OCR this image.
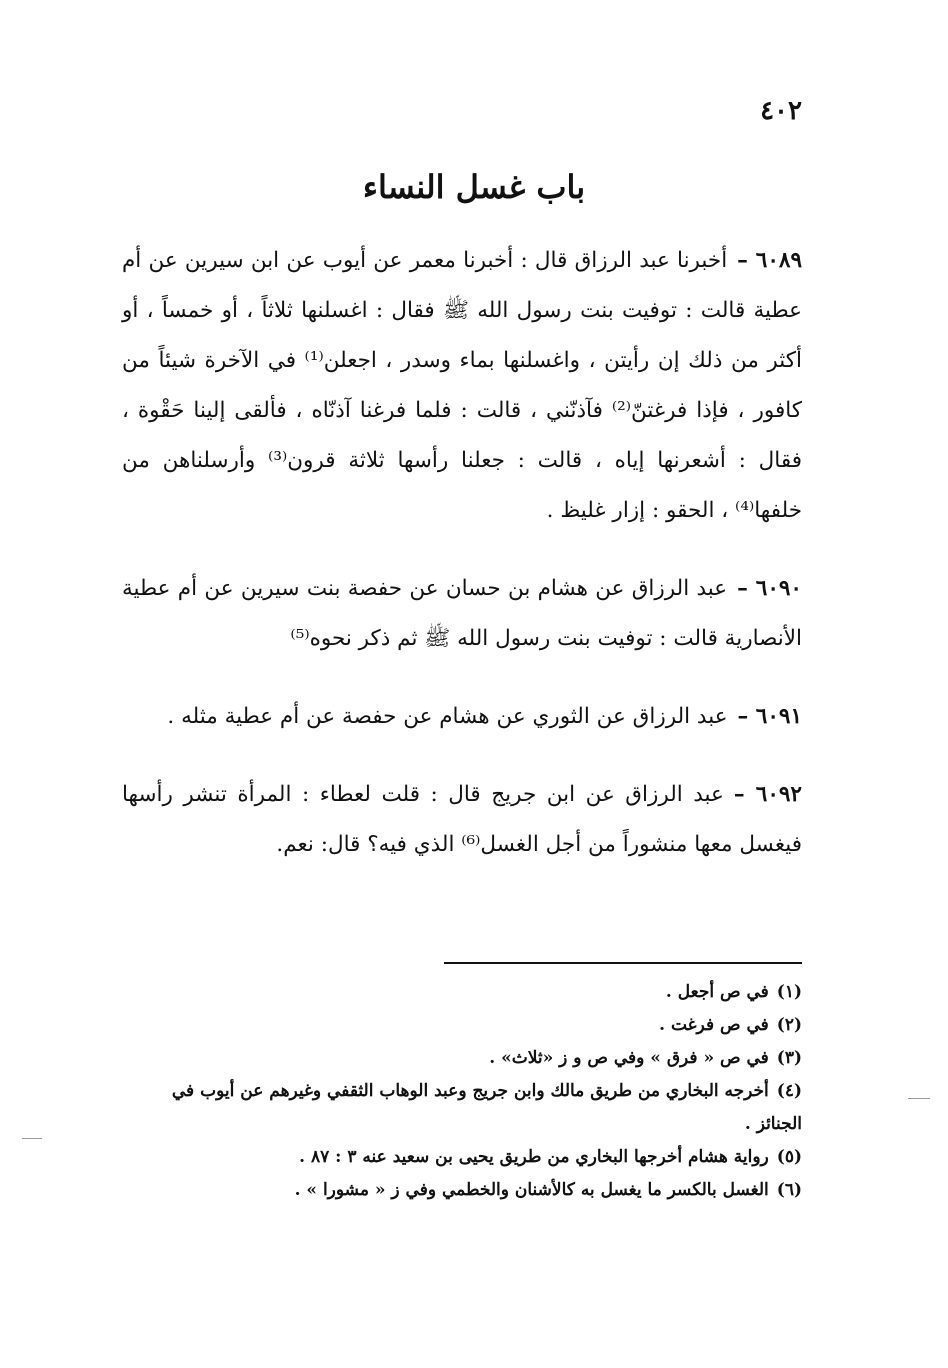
٤٠٢
باب غسل النساء

٦٠٨٩ –أخبرنا عبد الرزاق قال : أخبرنا معمر عن أيوب عن ابن سيرين عن أم عطية قالت : توفيت بنت رسول الله ﷺ فقال : اغسلنها ثلاثاً ، أو خمساً ، أو أكثر من ذلك إن رأيتن ، واغسلنها بماء وسدر ، اجعلن⁽¹⁾ في الآخرة شيئاً من كافور ، فإذا فرغتنّ⁽²⁾ فآذنّني ، قالت : فلما فرغنا آذنّاه ، فألقى إلينا حَقْوة ، فقال : أشعرنها إياه ، قالت : جعلنا رأسها ثلاثة قرون⁽³⁾ وأرسلناهن من خلفها⁽⁴⁾ ، الحقو : إزار غليظ .

٦٠٩٠ –عبد الرزاق عن هشام بن حسان عن حفصة بنت سيرين عن أم عطية الأنصارية قالت : توفيت بنت رسول الله ﷺ ثم ذكر نحوه⁽⁵⁾

٦٠٩١ –عبد الرزاق عن الثوري عن هشام عن حفصة عن أم عطية مثله .

٦٠٩٢ –عبد الرزاق عن ابن جريج قال : قلت لعطاء : المرأة تنشر رأسها فيغسل معها منشوراً من أجل الغسل⁽⁶⁾ الذي فيه؟ قال: نعم.

(١)في ص أجعل .

(٢)في ص فرغت .

(٣)في ص « فرق » وفي ص و ز «ثلاث» .

(٤)أخرجه البخاري من طريق مالك وابن جريج وعبد الوهاب الثقفي وغيرهم عن أيوب في الجنائز .

(٥)رواية هشام أخرجها البخاري من طريق يحيى بن سعيد عنه ٣ : ٨٧ .

(٦)الغسل بالكسر ما يغسل به كالأشنان والخطمي وفي ز « مشورا » .
